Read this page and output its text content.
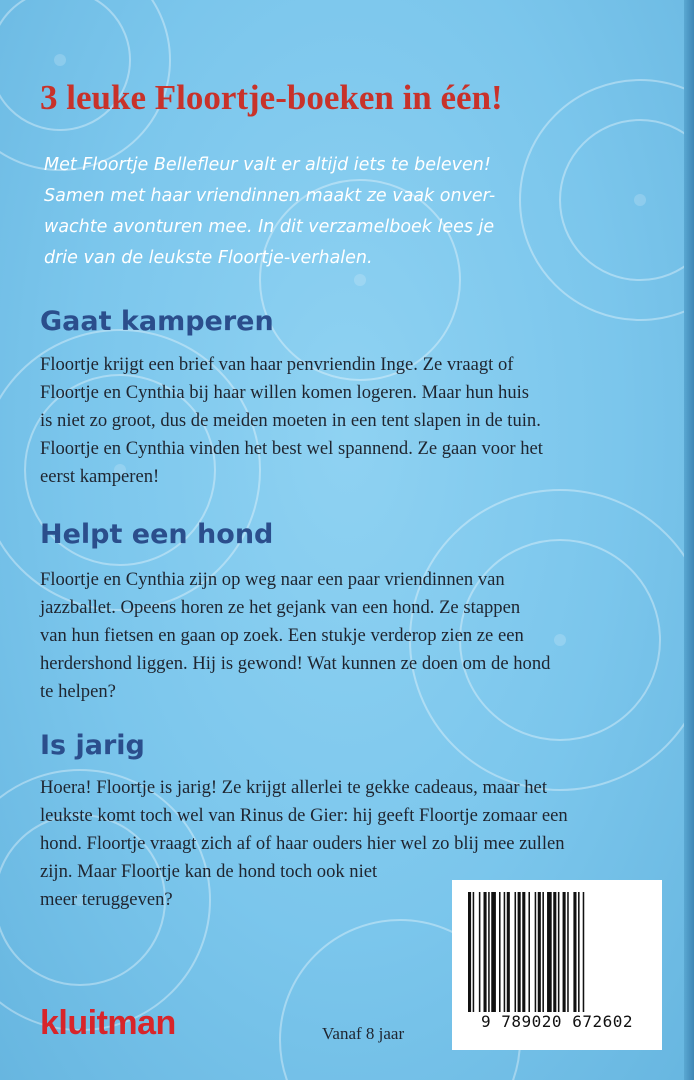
3 leuke Floortje-boeken in één!

Met Floortje Bellefleur valt er altijd iets te beleven!
Samen met haar vriendinnen maakt ze vaak onver-
wachte avonturen mee. In dit verzamelboek lees je
drie van de leukste Floortje-verhalen.

Gaat kamperen

Floortje krijgt een brief van haar penvriendin Inge. Ze vraagt of
Floortje en Cynthia bij haar willen komen logeren. Maar hun huis
is niet zo groot, dus de meiden moeten in een tent slapen in de tuin.
Floortje en Cynthia vinden het best wel spannend. Ze gaan voor het
eerst kamperen!

Helpt een hond

Floortje en Cynthia zijn op weg naar een paar vriendinnen van
jazzballet. Opeens horen ze het gejank van een hond. Ze stappen
van hun fietsen en gaan op zoek. Een stukje verderop zien ze een
herdershond liggen. Hij is gewond! Wat kunnen ze doen om de hond
te helpen?

Is jarig

Hoera! Floortje is jarig! Ze krijgt allerlei te gekke cadeaus, maar het
leukste komt toch wel van Rinus de Gier: hij geeft Floortje zomaar een
hond. Floortje vraagt zich af of haar ouders hier wel zo blij mee zullen
zijn. Maar Floortje kan de hond toch ook niet
meer teruggeven?

9 789020 672602

kluitman	Vanaf 8 jaar
